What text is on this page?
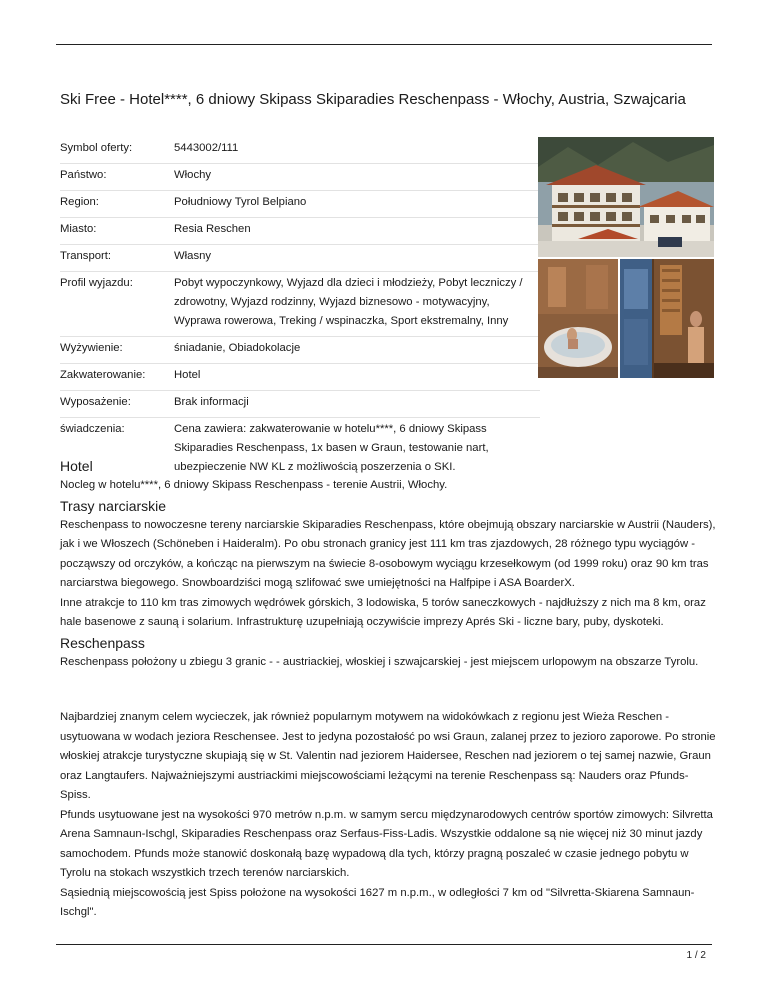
Ski Free - Hotel****, 6 dniowy Skipass Skiparadies Reschenpass - Włochy, Austria, Szwajcaria
Symbol oferty:	5443002/111
Państwo:	Włochy
Region:	Południowy Tyrol Belpiano
Miasto:	Resia Reschen
Transport:	Własny
Profil wyjazdu:	Pobyt wypoczynkowy, Wyjazd dla dzieci i młodzieży, Pobyt leczniczy / zdrowotny, Wyjazd rodzinny, Wyjazd biznesowo - motywacyjny, Wyprawa rowerowa, Treking / wspinaczka, Sport ekstremalny, Inny
Wyżywienie:	śniadanie, Obiadokolacje
Zakwaterowanie:	Hotel
Wyposażenie:	Brak informacji
świadczenia:	Cena zawiera: zakwaterowanie w hotelu****, 6 dniowy Skipass Skiparadies Reschenpass, 1x basen w Graun, testowanie nart, ubezpieczenie NW KL z możliwością poszerzenia o SKI.
Hotel

Nocleg w hotelu****, 6 dniowy Skipass Reschenpass - terenie Austrii, Włochy.

Trasy narciarskie

Reschenpass to nowoczesne tereny narciarskie Skiparadies Reschenpass, które obejmują obszary narciarskie w Austrii (Nauders), jak i we Włoszech (Schöneben i Haideralm). Po obu stronach granicy jest 111 km tras zjazdowych, 28 różnego typu wyciągów - począwszy od orczyków, a kończąc na pierwszym na świecie 8-osobowym wyciągu krzesełkowym (od 1999 roku) oraz 90 km tras narciarstwa biegowego. Snowboardziści mogą szlifować swe umiejętności na Halfpipe i ASA BoarderX.

Inne atrakcje to 110 km tras zimowych wędrówek górskich, 3 lodowiska, 5 torów saneczkowych - najdłuższy z nich ma 8 km, oraz hale basenowe z sauną i solarium. Infrastrukturę uzupełniają oczywiście imprezy Aprés Ski - liczne bary, puby, dyskoteki.

Reschenpass

Reschenpass położony u zbiegu 3 granic - - austriackiej, włoskiej i szwajcarskiej - jest miejscem urlopowym na obszarze Tyrolu.

Najbardziej znanym celem wycieczek, jak również popularnym motywem na widokówkach z regionu jest Wieża Reschen - usytuowana w wodach jeziora Reschensee. Jest to jedyna pozostałość po wsi Graun, zalanej przez to jezioro zaporowe. Po stronie włoskiej atrakcje turystyczne skupiają się w St. Valentin nad jeziorem Haidersee, Reschen nad jeziorem o tej samej nazwie, Graun oraz Langtaufers. Najważniejszymi austriackimi miejscowościami leżącymi na terenie Reschenpass są: Nauders oraz Pfunds-Spiss.

Pfunds usytuowane jest na wysokości 970 metrów n.p.m. w samym sercu międzynarodowych centrów sportów zimowych: Silvretta Arena Samnaun-Ischgl, Skiparadies Reschenpass oraz Serfaus-Fiss-Ladis. Wszystkie oddalone są nie więcej niż 30 minut jazdy samochodem. Pfunds może stanowić doskonałą bazę wypadową dla tych, którzy pragną poszaleć w czasie jednego pobytu w Tyrolu na stokach wszystkich trzech terenów narciarskich.

Sąsiednią miejscowością jest Spiss położone na wysokości 1627 m n.p.m., w odległości 7 km od "Silvretta-Skiarena Samnaun-Ischgl".

1 / 2
